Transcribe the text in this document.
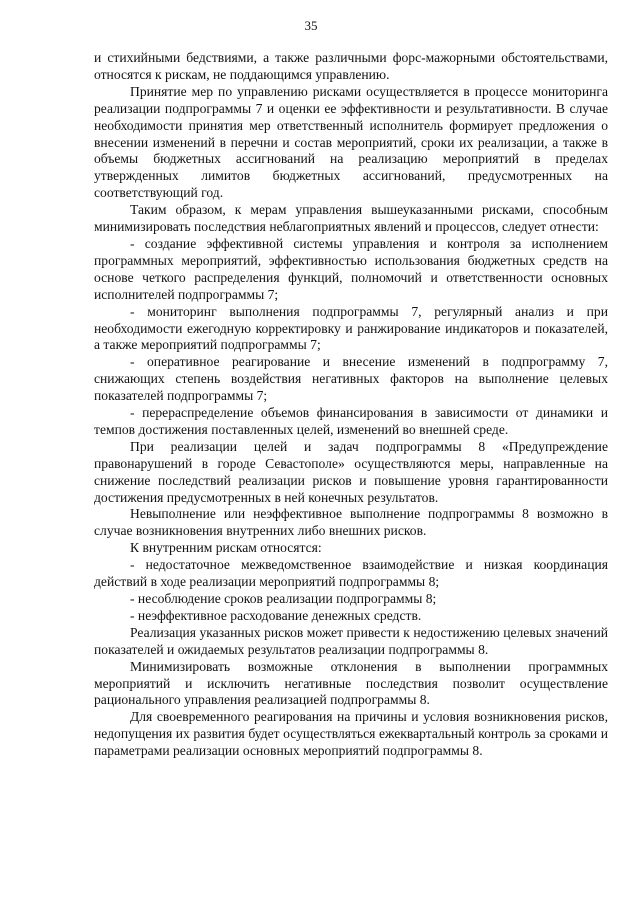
35

и стихийными бедствиями, а также различными форс-мажорными обстоятельствами, относятся к рискам, не поддающимся управлению.

Принятие мер по управлению рисками осуществляется в процессе мониторинга реализации подпрограммы 7 и оценки ее эффективности и результативности. В случае необходимости принятия мер ответственный исполнитель формирует предложения о внесении изменений в перечни и состав мероприятий, сроки их реализации, а также в объемы бюджетных ассигнований на реализацию мероприятий в пределах утвержденных лимитов бюджетных ассигнований, предусмотренных на соответствующий год.

Таким образом, к мерам управления вышеуказанными рисками, способным минимизировать последствия неблагоприятных явлений и процессов, следует отнести:

- создание эффективной системы управления и контроля за исполнением программных мероприятий, эффективностью использования бюджетных средств на основе четкого распределения функций, полномочий и ответственности основных исполнителей подпрограммы 7;

- мониторинг выполнения подпрограммы 7, регулярный анализ и при необходимости ежегодную корректировку и ранжирование индикаторов и показателей, а также мероприятий подпрограммы 7;

- оперативное реагирование и внесение изменений в подпрограмму 7, снижающих степень воздействия негативных факторов на выполнение целевых показателей подпрограммы 7;

- перераспределение объемов финансирования в зависимости от динамики и темпов достижения поставленных целей, изменений во внешней среде.

При реализации целей и задач подпрограммы 8 «Предупреждение правонарушений в городе Севастополе» осуществляются меры, направленные на снижение последствий реализации рисков и повышение уровня гарантированности достижения предусмотренных в ней конечных результатов.

Невыполнение или неэффективное выполнение подпрограммы 8 возможно в случае возникновения внутренних либо внешних рисков.

К внутренним рискам относятся:

- недостаточное межведомственное взаимодействие и низкая координация действий в ходе реализации мероприятий подпрограммы 8;

- несоблюдение сроков реализации подпрограммы 8;

- неэффективное расходование денежных средств.

Реализация указанных рисков может привести к недостижению целевых значений показателей и ожидаемых результатов реализации подпрограммы 8.

Минимизировать возможные отклонения в выполнении программных мероприятий и исключить негативные последствия позволит осуществление рационального управления реализацией подпрограммы 8.

Для своевременного реагирования на причины и условия возникновения рисков, недопущения их развития будет осуществляться ежеквартальный контроль за сроками и параметрами реализации основных мероприятий подпрограммы 8.
